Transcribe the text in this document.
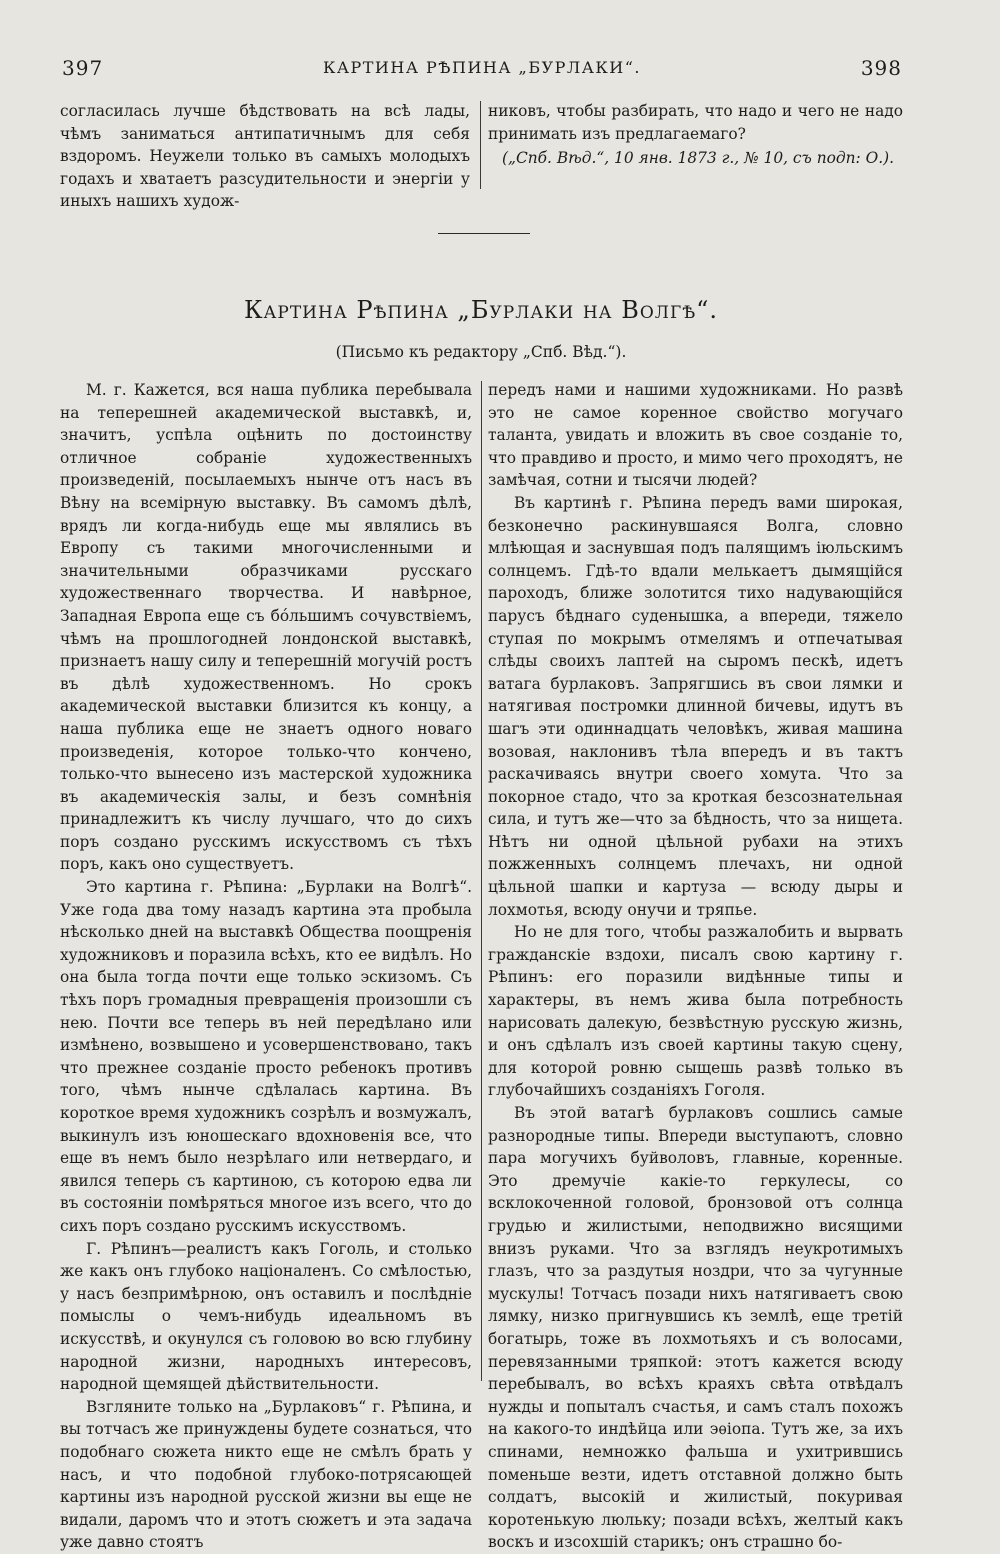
397	КАРТИНА РѢПИНА „БУРЛАКИ“.	398

согласилась лучше бѣдствовать на всѣ лады, чѣмъ заниматься антипатичнымъ для себя вздоромъ. Неужели только въ самыхъ молодыхъ годахъ и хватаетъ разсудительности и энергіи у иныхъ нашихъ худож-

никовъ, чтобы разбирать, что надо и чего не надо принимать изъ предлагаемаго?

(„Спб. Вѣд.“, 10 янв. 1873 г., № 10, съ подп: О.).

Картина Рѣпина „Бурлаки на Волгѣ“.
(Письмо къ редактору „Спб. Вѣд.“).

М. г. Кажется, вся наша публика перебывала на теперешней академической выставкѣ, и, значитъ, успѣла оцѣнить по достоинству отличное собраніе художественныхъ произведеній, посылаемыхъ нынче отъ насъ въ Вѣну на всемірную выставку. Въ самомъ дѣлѣ, врядъ ли когда-нибудь еще мы являлись въ Европу съ такими многочисленными и значительными образчиками русскаго художественнаго творчества. И навѣрное, Западная Европа еще съ бóльшимъ сочувствіемъ, чѣмъ на прошлогодней лондонской выставкѣ, признаетъ нашу силу и теперешній могучій ростъ въ дѣлѣ художественномъ. Но срокъ академической выставки близится къ концу, а наша публика еще не знаетъ одного новаго произведенія, которое только-что кончено, только-что вынесено изъ мастерской художника въ академическія залы, и безъ сомнѣнія принадлежитъ къ числу лучшаго, что до сихъ поръ создано русскимъ искусствомъ съ тѣхъ поръ, какъ оно существуетъ.

Это картина г. Рѣпина: „Бурлаки на Волгѣ“. Уже года два тому назадъ картина эта пробыла нѣсколько дней на выставкѣ Общества поощренія художниковъ и поразила всѣхъ, кто ее видѣлъ. Но она была тогда почти еще только эскизомъ. Съ тѣхъ поръ громадныя превращенія произошли съ нею. Почти все теперь въ ней передѣлано или измѣнено, возвышено и усовершенствовано, такъ что прежнее созданіе просто ребенокъ противъ того, чѣмъ нынче сдѣлалась картина. Въ короткое время художникъ созрѣлъ и возмужалъ, выкинулъ изъ юношескаго вдохновенія все, что еще въ немъ было незрѣлаго или нетвердаго, и явился теперь съ картиною, съ которою едва ли въ состояніи помѣряться многое изъ всего, что до сихъ поръ создано русскимъ искусствомъ.

Г. Рѣпинъ—реалистъ какъ Гоголь, и столько же какъ онъ глубоко націоналенъ. Со смѣлостью, у насъ безпримѣрною, онъ оставилъ и послѣдніе помыслы о чемъ-нибудь идеальномъ въ искусствѣ, и окунулся съ головою во всю глубину народной жизни, народныхъ интересовъ, народной щемящей дѣйствительности.

Взгляните только на „Бурлаковъ“ г. Рѣпина, и вы тотчасъ же принуждены будете сознаться, что подобнаго сюжета никто еще не смѣлъ брать у насъ, и что подобной глубоко-потрясающей картины изъ народной русской жизни вы еще не видали, даромъ что и этотъ сюжетъ и эта задача уже давно стоятъ

передъ нами и нашими художниками. Но развѣ это не самое коренное свойство могучаго таланта, увидать и вложить въ свое созданіе то, что правдиво и просто, и мимо чего проходятъ, не замѣчая, сотни и тысячи людей?

Въ картинѣ г. Рѣпина передъ вами широкая, безконечно раскинувшаяся Волга, словно млѣющая и заснувшая подъ палящимъ іюльскимъ солнцемъ. Гдѣ-то вдали мелькаетъ дымящійся пароходъ, ближе золотится тихо надувающійся парусъ бѣднаго суденышка, а впереди, тяжело ступая по мокрымъ отмелямъ и отпечатывая слѣды своихъ лаптей на сыромъ пескѣ, идетъ ватага бурлаковъ. Запрягшись въ свои лямки и натягивая постромки длинной бичевы, идутъ въ шагъ эти одиннадцать человѣкъ, живая машина возовая, наклонивъ тѣла впередъ и въ тактъ раскачиваясь внутри своего хомута. Что за покорное стадо, что за кроткая безсознательная сила, и тутъ же—что за бѣдность, что за нищета. Нѣтъ ни одной цѣльной рубахи на этихъ пожженныхъ солнцемъ плечахъ, ни одной цѣльной шапки и картуза — всюду дыры и лохмотья, всюду онучи и тряпье.

Но не для того, чтобы разжалобить и вырвать гражданскіе вздохи, писалъ свою картину г. Рѣпинъ: его поразили видѣнные типы и характеры, въ немъ жива была потребность нарисовать далекую, безвѣстную русскую жизнь, и онъ сдѣлалъ изъ своей картины такую сцену, для которой ровню сыщешь развѣ только въ глубочайшихъ созданіяхъ Гоголя.

Въ этой ватагѣ бурлаковъ сошлись самые разнородные типы. Впереди выступаютъ, словно пара могучихъ буйволовъ, главные, коренные. Это дремучіе какіе-то геркулесы, со всклокоченной головой, бронзовой отъ солнца грудью и жилистыми, неподвижно висящими внизъ руками. Что за взглядъ неукротимыхъ глазъ, что за раздутыя ноздри, что за чугунные мускулы! Тотчасъ позади нихъ натягиваетъ свою лямку, низко пригнувшись къ землѣ, еще третій богатырь, тоже въ лохмотьяхъ и съ волосами, перевязанными тряпкой: этотъ кажется всюду перебывалъ, во всѣхъ краяхъ свѣта отвѣдалъ нужды и попыталъ счастья, и самъ сталъ похожъ на какого-то индѣйца или эѳіопа. Тутъ же, за ихъ спинами, немножко фальша и ухитрившись поменьше везти, идетъ отставной должно быть солдатъ, высокій и жилистый, покуривая коротенькую люльку; позади всѣхъ, желтый какъ воскъ и изсохшій старикъ; онъ страшно бо-
